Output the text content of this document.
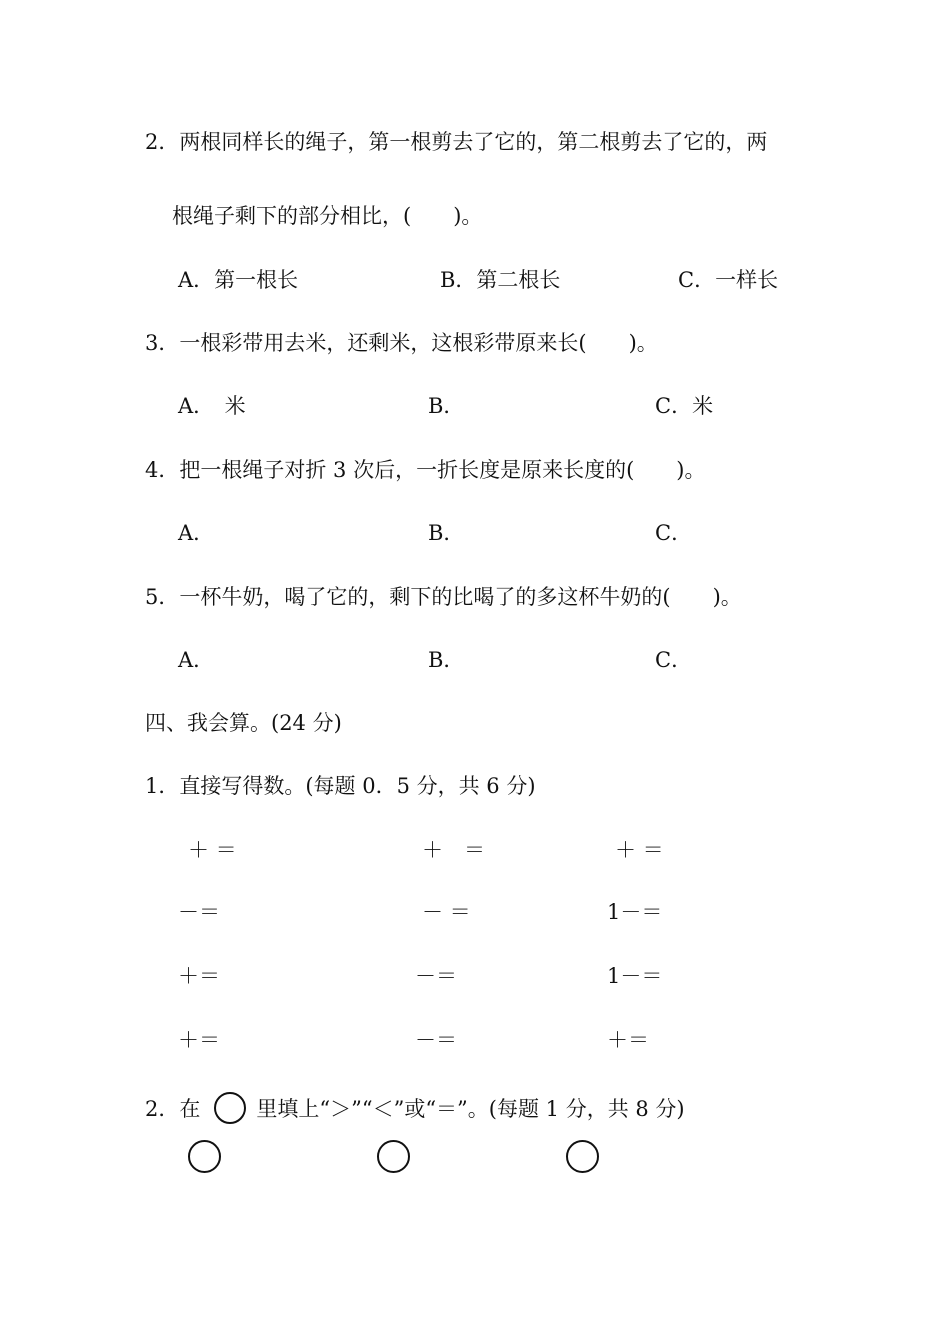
2．两根同样长的绳子，第一根剪去了它的，第二根剪去了它的，两
根绳子剩下的部分相比，(　　)。
A．第一根长	B．第二根长	C．一样长
3．一根彩带用去米，还剩米，这根彩带原来长(　　)。
A．　米	B．	C．米
4．把一根绳子对折 3 次后，一折长度是原来长度的(　　)。
A．	B．	C．
5．一杯牛奶，喝了它的，剩下的比喝了的多这杯牛奶的(　　)。
A．	B．	C．
四、我会算。(24 分)
1．直接写得数。(每题 0．5 分，共 6 分)
＋ ＝	＋　＝	＋ ＝
－＝	－ ＝	1－＝
＋＝	－＝	1－＝
＋＝	－＝	＋＝
2．在	里填上“＞”“＜”或“＝”。(每题 1 分，共 8 分)
